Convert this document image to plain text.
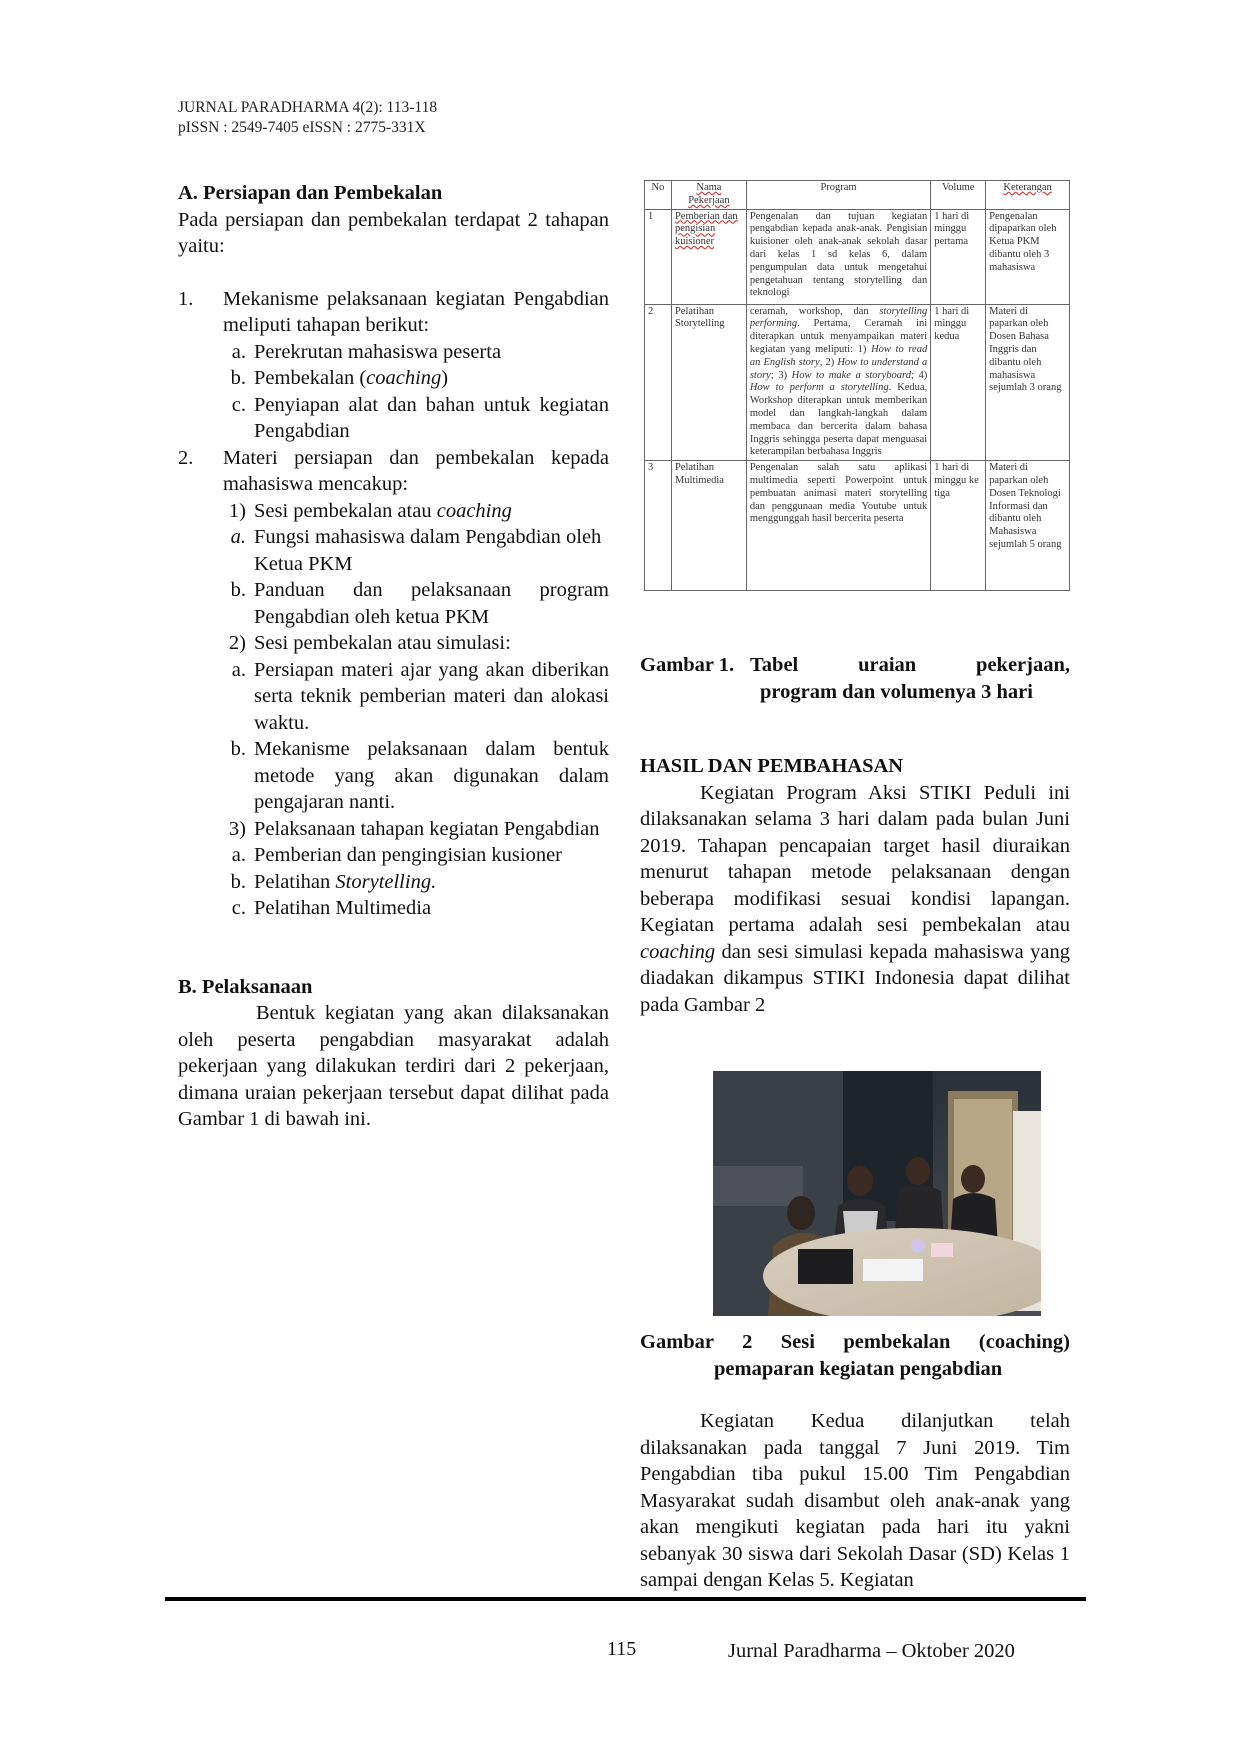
JURNAL PARADHARMA 4(2): 113-118
pISSN : 2549-7405 eISSN : 2775-331X
A. Persiapan dan Pembekalan
Pada persiapan dan pembekalan terdapat 2 tahapan yaitu:
1.	Mekanisme pelaksanaan kegiatan Pengabdian meliputi tahapan berikut:
a. Perekrutan mahasiswa peserta
b. Pembekalan (coaching)
c. Penyiapan alat dan bahan untuk kegiatan Pengabdian
2.	Materi persiapan dan pembekalan kepada mahasiswa mencakup:
1) Sesi pembekalan atau coaching
a. Fungsi mahasiswa dalam Pengabdian oleh Ketua PKM
b. Panduan dan pelaksanaan program Pengabdian oleh ketua PKM
2) Sesi pembekalan atau simulasi:
a. Persiapan materi ajar yang akan diberikan serta teknik pemberian materi dan alokasi waktu.
b. Mekanisme pelaksanaan dalam bentuk metode yang akan digunakan dalam pengajaran nanti.
3) Pelaksanaan tahapan kegiatan Pengabdian
a. Pemberian dan pengingisian kusioner
b. Pelatihan Storytelling.
c. Pelatihan Multimedia
B. Pelaksanaan
Bentuk kegiatan yang akan dilaksanakan oleh peserta pengabdian masyarakat adalah pekerjaan yang dilakukan terdiri dari 2 pekerjaan, dimana uraian pekerjaan tersebut dapat dilihat pada Gambar 1 di bawah ini.
No	Nama Pekerjaan	Program	Volume	Keterangan
1	Pemberian dan pengisian kuisioner	Pengenalan dan tujuan kegiatan pengabdian kepada anak-anak. Pengisian kuisioner oleh anak-anak sekolah dasar dari kelas 1 sd kelas 6, dalam pengumpulan data untuk mengetahui pengetahuan tentang storytelling dan teknologi	1 hari di minggu pertama	Pengenalan dipaparkan oleh Ketua PKM dibantu oleh 3 mahasiswa
2	Pelatihan Storytelling	ceramah, workshop, dan storytelling performing. Pertama, Ceramah ini diterapkan untuk menyampaikan materi kegiatan yang meliputi: 1) How to read an English story, 2) How to understand a story; 3) How to make a storyboard; 4) How to perform a storytelling. Kedua, Workshop diterapkan untuk memberikan model dan langkah-langkah dalam membaca dan bercerita dalam bahasa Inggris sehingga peserta dapat menguasai keterampilan berbahasa Inggris	1 hari di minggu kedua	Materi di paparkan oleh Dosen Bahasa Inggris dan dibantu oleh mahasiswa sejumlah 3 orang
3	Pelatihan Multimedia	Pengenalan salah satu aplikasi multimedia seperti Powerpoint untuk pembuatan animasi materi storytelling dan penggunaan media Youtube untuk menggunggah hasil bercerita peserta	1 hari di minggu ke tiga	Materi di paparkan oleh Dosen Teknologi Informasi dan dibantu oleh Mahasiswa sejumlah 5 orang
Gambar 1. Tabel uraian pekerjaan,
program dan volumenya 3 hari
HASIL DAN PEMBAHASAN
Kegiatan Program Aksi STIKI Peduli ini dilaksanakan selama 3 hari dalam pada bulan Juni 2019. Tahapan pencapaian target hasil diuraikan menurut tahapan metode pelaksanaan dengan beberapa modifikasi sesuai kondisi lapangan. Kegiatan pertama adalah sesi pembekalan atau coaching dan sesi simulasi kepada mahasiswa yang diadakan dikampus STIKI Indonesia dapat dilihat pada Gambar 2
Gambar 2 Sesi pembekalan (coaching)
pemaparan kegiatan pengabdian
Kegiatan Kedua dilanjutkan telah dilaksanakan pada tanggal 7 Juni 2019. Tim Pengabdian tiba pukul 15.00 Tim Pengabdian Masyarakat sudah disambut oleh anak-anak yang akan mengikuti kegiatan pada hari itu yakni sebanyak 30 siswa dari Sekolah Dasar (SD) Kelas 1 sampai dengan Kelas 5. Kegiatan
115	Jurnal Paradharma – Oktober 2020
